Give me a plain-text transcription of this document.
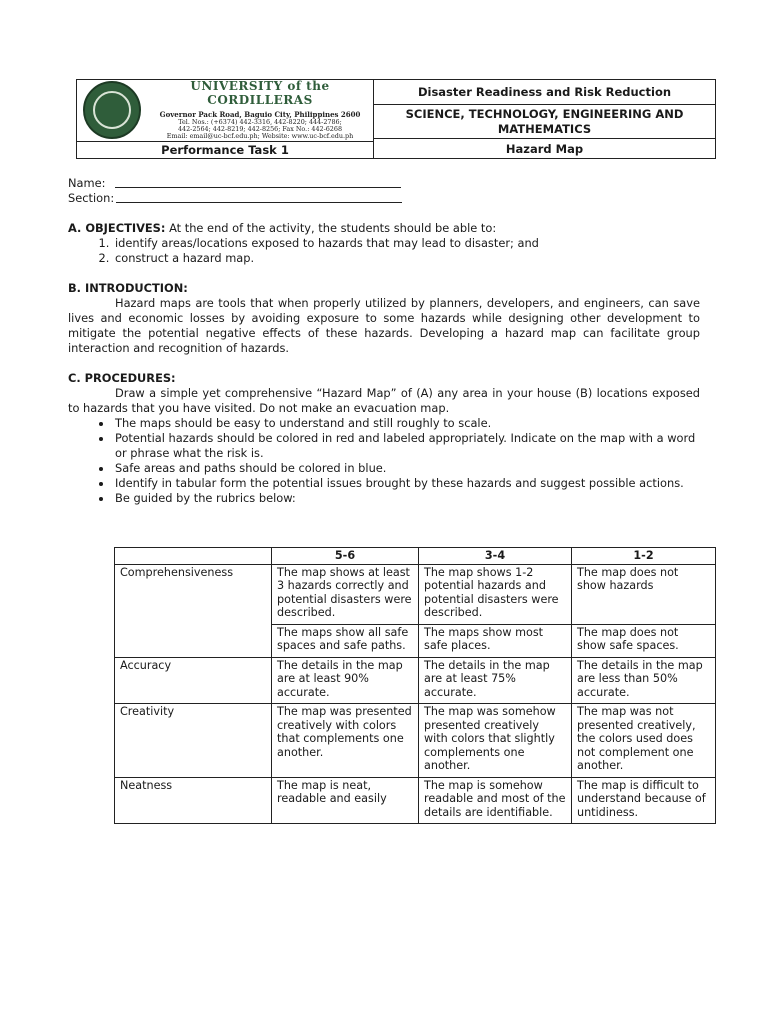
UNIVERSITY of the CORDILLERAS
Governor Pack Road, Baguio City, Philippines 2600
Tel. Nos.: (+6374) 442-3316, 442-8220; 444-2786;
442-2564; 442-8219; 442-8256; Fax No.: 442-6268
Email: email@uc-bcf.edu.ph; Website: www.uc-bcf.edu.ph
Performance Task 1
Disaster Readiness and Risk Reduction
SCIENCE, TECHNOLOGY, ENGINEERING AND MATHEMATICS
Hazard Map
Name:
Section:
A. OBJECTIVES: At the end of the activity, the students should be able to:
1. identify areas/locations exposed to hazards that may lead to disaster; and
2. construct a hazard map.
B. INTRODUCTION:
Hazard maps are tools that when properly utilized by planners, developers, and engineers, can save lives and economic losses by avoiding exposure to some hazards while designing other development to mitigate the potential negative effects of these hazards. Developing a hazard map can facilitate group interaction and recognition of hazards.
C. PROCEDURES:
Draw a simple yet comprehensive “Hazard Map” of (A) any area in your house (B) locations exposed to hazards that you have visited. Do not make an evacuation map.
• The maps should be easy to understand and still roughly to scale.
• Potential hazards should be colored in red and labeled appropriately. Indicate on the map with a word or phrase what the risk is.
• Safe areas and paths should be colored in blue.
• Identify in tabular form the potential issues brought by these hazards and suggest possible actions.
• Be guided by the rubrics below:
	5-6	3-4	1-2
Comprehensiveness	The map shows at least 3 hazards correctly and potential disasters were described.	The map shows 1-2 potential hazards and potential disasters were described.	The map does not show hazards
	The maps show all safe spaces and safe paths.	The maps show most safe places.	The map does not show safe spaces.
Accuracy	The details in the map are at least 90% accurate.	The details in the map are at least 75% accurate.	The details in the map are less than 50% accurate.
Creativity	The map was presented creatively with colors that complements one another.	The map was somehow presented creatively with colors that slightly complements one another.	The map was not presented creatively, the colors used does not complement one another.
Neatness	The map is neat, readable and easily	The map is somehow readable and most of the details are identifiable.	The map is difficult to understand because of untidiness.
